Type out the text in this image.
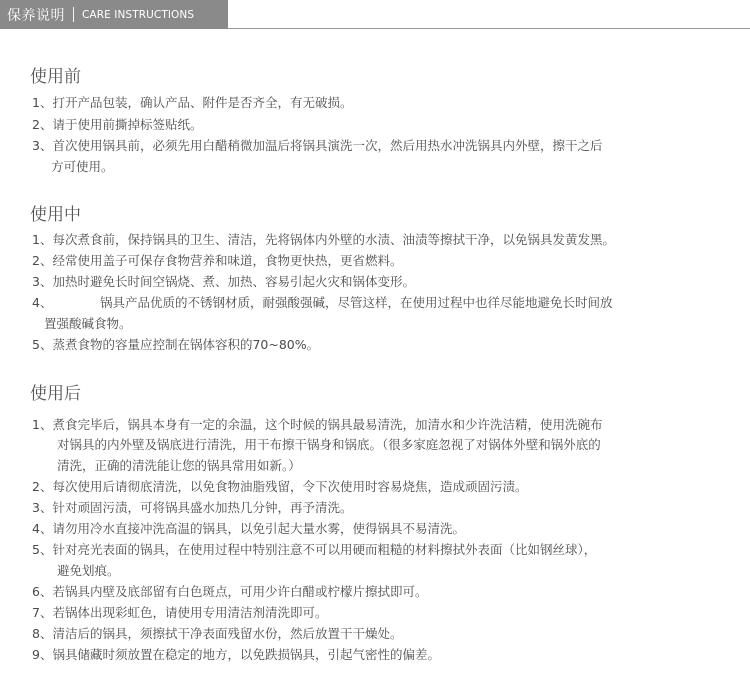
保养说明 CARE INSTRUCTIONS
使用前
1、打开产品包装，确认产品、附件是否齐全，有无破损。
2、请于使用前撕掉标签贴纸。
3、首次使用锅具前，必须先用白醋稍微加温后将锅具演洗一次，然后用热水冲洗锅具内外壁，擦干之后
方可使用。
使用中
1、每次煮食前，保持锅具的卫生、清洁，先将锅体内外壁的水渍、油渍等擦拭干净，以免锅具发黄发黑。
2、经常使用盖子可保存食物营养和味道，食物更快热，更省燃料。
3、加热时避免长时间空锅烧、煮、加热、容易引起火灾和锅体变形。
4、	锅具产品优质的不锈钢材质，耐强酸强碱，尽管这样，在使用过程中也徉尽能地避免长时间放
置强酸碱食物。
5、蒸煮食物的容量应控制在锅体容积的70~80%。
使用后
1、煮食完毕后，锅具本身有一定的余温，这个时候的锅具最易清洗，加清水和少许洗洁精，使用洗碗布
对锅具的内外壁及锅底进行清洗，用干布擦干锅身和锅底。（很多家庭忽视了对锅体外壁和锅外底的
清洗，正确的清洗能让您的锅具常用如新。）
2、每次使用后请彻底清洗，以免食物油脂残留，令下次使用时容易烧焦，造成顽固污渍。
3、针对顽固污渍，可将锅具盛水加热几分钟，再予清洗。
4、请勿用冷水直接冲洗高温的锅具，以免引起大量水雾，使得锅具不易清洗。
5、针对亮光表面的锅具，在使用过程中特别注意不可以用硬而粗糙的材料擦拭外表面（比如钢丝球），
避免划痕。
6、若锅具内壁及底部留有白色斑点，可用少许白醋或柠檬片擦拭即可。
7、若锅体出现彩虹色，请使用专用清洁剂清洗即可。
8、清洁后的锅具，须擦拭干净表面残留水份，然后放置干干燥处。
9、锅具储藏时须放置在稳定的地方，以免跌损锅具，引起气密性的偏差。
